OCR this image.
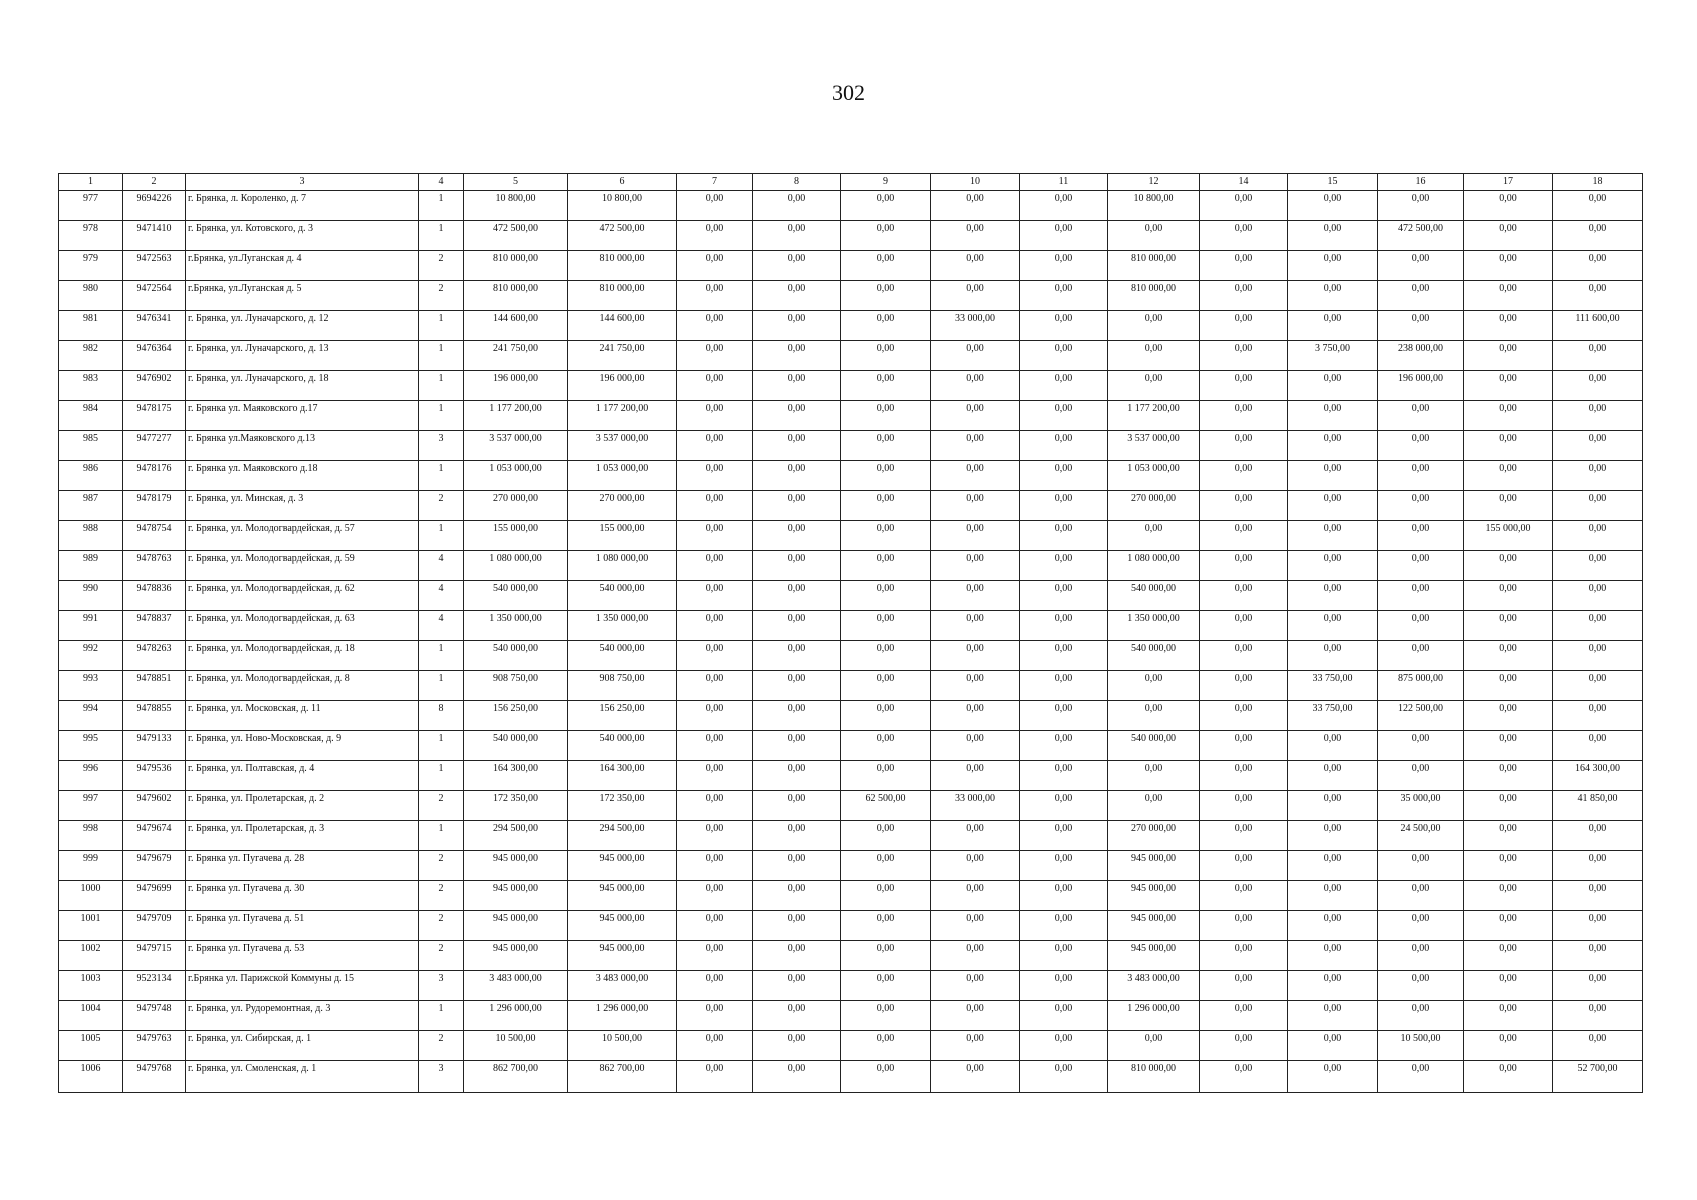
302
1	2	3	4	5	6	7	8	9	10	11	12	14	15	16	17	18
977	9694226	г. Брянка, л. Короленко, д. 7	1	10 800,00	10 800,00	0,00	0,00	0,00	0,00	0,00	10 800,00	0,00	0,00	0,00	0,00	0,00
978	9471410	г. Брянка, ул. Котовского, д. 3	1	472 500,00	472 500,00	0,00	0,00	0,00	0,00	0,00	0,00	0,00	0,00	472 500,00	0,00	0,00
979	9472563	г.Брянка, ул.Луганская д. 4	2	810 000,00	810 000,00	0,00	0,00	0,00	0,00	0,00	810 000,00	0,00	0,00	0,00	0,00	0,00
980	9472564	г.Брянка, ул.Луганская д. 5	2	810 000,00	810 000,00	0,00	0,00	0,00	0,00	0,00	810 000,00	0,00	0,00	0,00	0,00	0,00
981	9476341	г. Брянка, ул. Луначарского, д. 12	1	144 600,00	144 600,00	0,00	0,00	0,00	33 000,00	0,00	0,00	0,00	0,00	0,00	0,00	111 600,00
982	9476364	г. Брянка, ул. Луначарского, д. 13	1	241 750,00	241 750,00	0,00	0,00	0,00	0,00	0,00	0,00	0,00	3 750,00	238 000,00	0,00	0,00
983	9476902	г. Брянка, ул. Луначарского, д. 18	1	196 000,00	196 000,00	0,00	0,00	0,00	0,00	0,00	0,00	0,00	0,00	196 000,00	0,00	0,00
984	9478175	г. Брянка ул. Маяковского д.17	1	1 177 200,00	1 177 200,00	0,00	0,00	0,00	0,00	0,00	1 177 200,00	0,00	0,00	0,00	0,00	0,00
985	9477277	г. Брянка ул.Маяковского д.13	3	3 537 000,00	3 537 000,00	0,00	0,00	0,00	0,00	0,00	3 537 000,00	0,00	0,00	0,00	0,00	0,00
986	9478176	г. Брянка ул. Маяковского д.18	1	1 053 000,00	1 053 000,00	0,00	0,00	0,00	0,00	0,00	1 053 000,00	0,00	0,00	0,00	0,00	0,00
987	9478179	г. Брянка, ул. Минская, д. 3	2	270 000,00	270 000,00	0,00	0,00	0,00	0,00	0,00	270 000,00	0,00	0,00	0,00	0,00	0,00
988	9478754	г. Брянка, ул. Молодогвардейская, д. 57	1	155 000,00	155 000,00	0,00	0,00	0,00	0,00	0,00	0,00	0,00	0,00	0,00	155 000,00	0,00
989	9478763	г. Брянка, ул. Молодогвардейская, д. 59	4	1 080 000,00	1 080 000,00	0,00	0,00	0,00	0,00	0,00	1 080 000,00	0,00	0,00	0,00	0,00	0,00
990	9478836	г. Брянка, ул. Молодогвардейская, д. 62	4	540 000,00	540 000,00	0,00	0,00	0,00	0,00	0,00	540 000,00	0,00	0,00	0,00	0,00	0,00
991	9478837	г. Брянка, ул. Молодогвардейская, д. 63	4	1 350 000,00	1 350 000,00	0,00	0,00	0,00	0,00	0,00	1 350 000,00	0,00	0,00	0,00	0,00	0,00
992	9478263	г. Брянка, ул. Молодогвардейская, д. 18	1	540 000,00	540 000,00	0,00	0,00	0,00	0,00	0,00	540 000,00	0,00	0,00	0,00	0,00	0,00
993	9478851	г. Брянка, ул. Молодогвардейская, д. 8	1	908 750,00	908 750,00	0,00	0,00	0,00	0,00	0,00	0,00	0,00	33 750,00	875 000,00	0,00	0,00
994	9478855	г. Брянка, ул. Московская, д. 11	8	156 250,00	156 250,00	0,00	0,00	0,00	0,00	0,00	0,00	0,00	33 750,00	122 500,00	0,00	0,00
995	9479133	г. Брянка, ул. Ново-Московская, д. 9	1	540 000,00	540 000,00	0,00	0,00	0,00	0,00	0,00	540 000,00	0,00	0,00	0,00	0,00	0,00
996	9479536	г. Брянка, ул. Полтавская, д. 4	1	164 300,00	164 300,00	0,00	0,00	0,00	0,00	0,00	0,00	0,00	0,00	0,00	0,00	164 300,00
997	9479602	г. Брянка, ул. Пролетарская, д. 2	2	172 350,00	172 350,00	0,00	0,00	62 500,00	33 000,00	0,00	0,00	0,00	0,00	35 000,00	0,00	41 850,00
998	9479674	г. Брянка, ул. Пролетарская, д. 3	1	294 500,00	294 500,00	0,00	0,00	0,00	0,00	0,00	270 000,00	0,00	0,00	24 500,00	0,00	0,00
999	9479679	г. Брянка ул. Пугачева д. 28	2	945 000,00	945 000,00	0,00	0,00	0,00	0,00	0,00	945 000,00	0,00	0,00	0,00	0,00	0,00
1000	9479699	г. Брянка ул. Пугачева д. 30	2	945 000,00	945 000,00	0,00	0,00	0,00	0,00	0,00	945 000,00	0,00	0,00	0,00	0,00	0,00
1001	9479709	г. Брянка ул. Пугачева д. 51	2	945 000,00	945 000,00	0,00	0,00	0,00	0,00	0,00	945 000,00	0,00	0,00	0,00	0,00	0,00
1002	9479715	г. Брянка ул. Пугачева д. 53	2	945 000,00	945 000,00	0,00	0,00	0,00	0,00	0,00	945 000,00	0,00	0,00	0,00	0,00	0,00
1003	9523134	г.Брянка ул. Парижской Коммуны д. 15	3	3 483 000,00	3 483 000,00	0,00	0,00	0,00	0,00	0,00	3 483 000,00	0,00	0,00	0,00	0,00	0,00
1004	9479748	г. Брянка, ул. Рудоремонтная, д. 3	1	1 296 000,00	1 296 000,00	0,00	0,00	0,00	0,00	0,00	1 296 000,00	0,00	0,00	0,00	0,00	0,00
1005	9479763	г. Брянка, ул. Сибирская, д. 1	2	10 500,00	10 500,00	0,00	0,00	0,00	0,00	0,00	0,00	0,00	0,00	10 500,00	0,00	0,00
1006	9479768	г. Брянка, ул. Смоленская, д. 1	3	862 700,00	862 700,00	0,00	0,00	0,00	0,00	0,00	810 000,00	0,00	0,00	0,00	0,00	52 700,00
